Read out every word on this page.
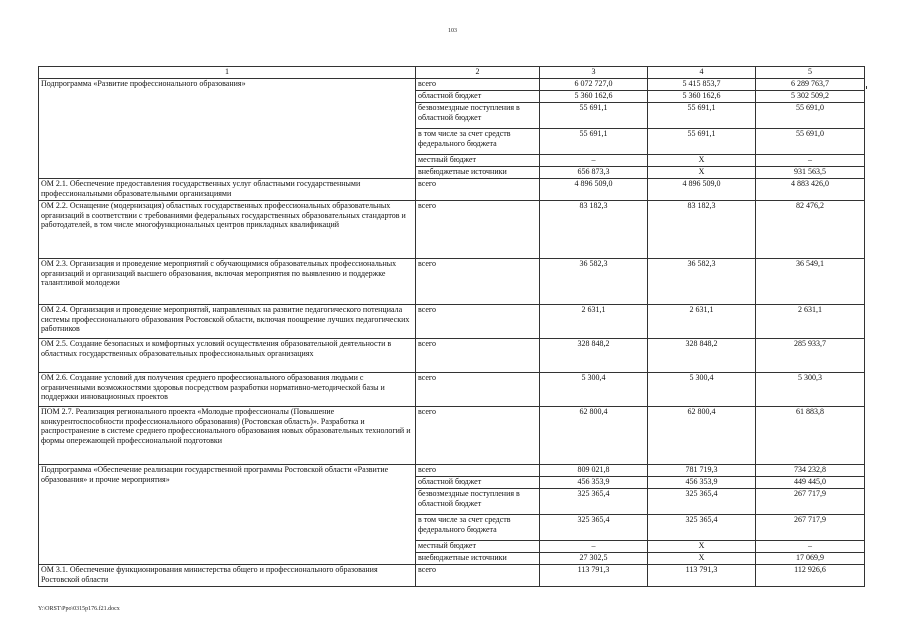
103
1	2	3	4	5
Подпрограмма «Развитие профессионального образования»	всего	6 072 727,0	5 415 853,7	6 289 763,7
	областной бюджет	5 360 162,6	5 360 162,6	5 302 509,2
	безвозмездные поступления в областной бюджет	55 691,1	55 691,1	55 691,0
	в том числе за счет средств федерального бюджета	55 691,1	55 691,1	55 691,0
	местный бюджет	–	Х	–
	внебюджетные источники	656 873,3	Х	931 563,5
ОМ 2.1. Обеспечение предоставления государственных услуг областными государственными профессиональными образовательными организациями	всего	4 896 509,0	4 896 509,0	4 883 426,0
ОМ 2.2. Оснащение (модернизация) областных государственных профессиональных образовательных организаций в соответствии с требованиями федеральных государственных образовательных стандартов и работодателей, в том числе многофункциональных центров прикладных квалификаций	всего	83 182,3	83 182,3	82 476,2
ОМ 2.3. Организация и проведение мероприятий с обучающимися образовательных профессиональных организаций и организаций высшего образования, включая мероприятия по выявлению и поддержке талантливой молодежи	всего	36 582,3	36 582,3	36 549,1
ОМ 2.4. Организация и проведение мероприятий, направленных на развитие педагогического потенциала системы профессионального образования Ростовской области, включая поощрение лучших педагогических работников	всего	2 631,1	2 631,1	2 631,1
ОМ 2.5. Создание безопасных и комфортных условий осуществления образовательной деятельности в областных государственных образовательных профессиональных организациях	всего	328 848,2	328 848,2	285 933,7
ОМ 2.6. Создание условий для получения среднего профессионального образования людьми с ограниченными возможностями здоровья посредством разработки нормативно-методической базы и поддержки инновационных проектов	всего	5 300,4	5 300,4	5 300,3
ПОМ 2.7. Реализация регионального проекта «Молодые профессионалы (Повышение конкурентоспособности профессионального образования) (Ростовская область)». Разработка и распространение в системе среднего профессионального образования новых образовательных технологий и формы опережающей профессиональной подготовки	всего	62 800,4	62 800,4	61 883,8
Подпрограмма «Обеспечение реализации государственной программы Ростовской области «Развитие образования» и прочие мероприятия»	всего	809 021,8	781 719,3	734 232,8
	областной бюджет	456 353,9	456 353,9	449 445,0
	безвозмездные поступления в областной бюджет	325 365,4	325 365,4	267 717,9
	в том числе за счет средств федерального бюджета	325 365,4	325 365,4	267 717,9
	местный бюджет	–	Х	–
	внебюджетные источники	27 302,5	Х	17 069,9
ОМ 3.1. Обеспечение функционирования министерства общего и профессионального образования Ростовской области	всего	113 791,3	113 791,3	112 926,6
Y:\ORST\Ppo\0315p176.f21.docx
